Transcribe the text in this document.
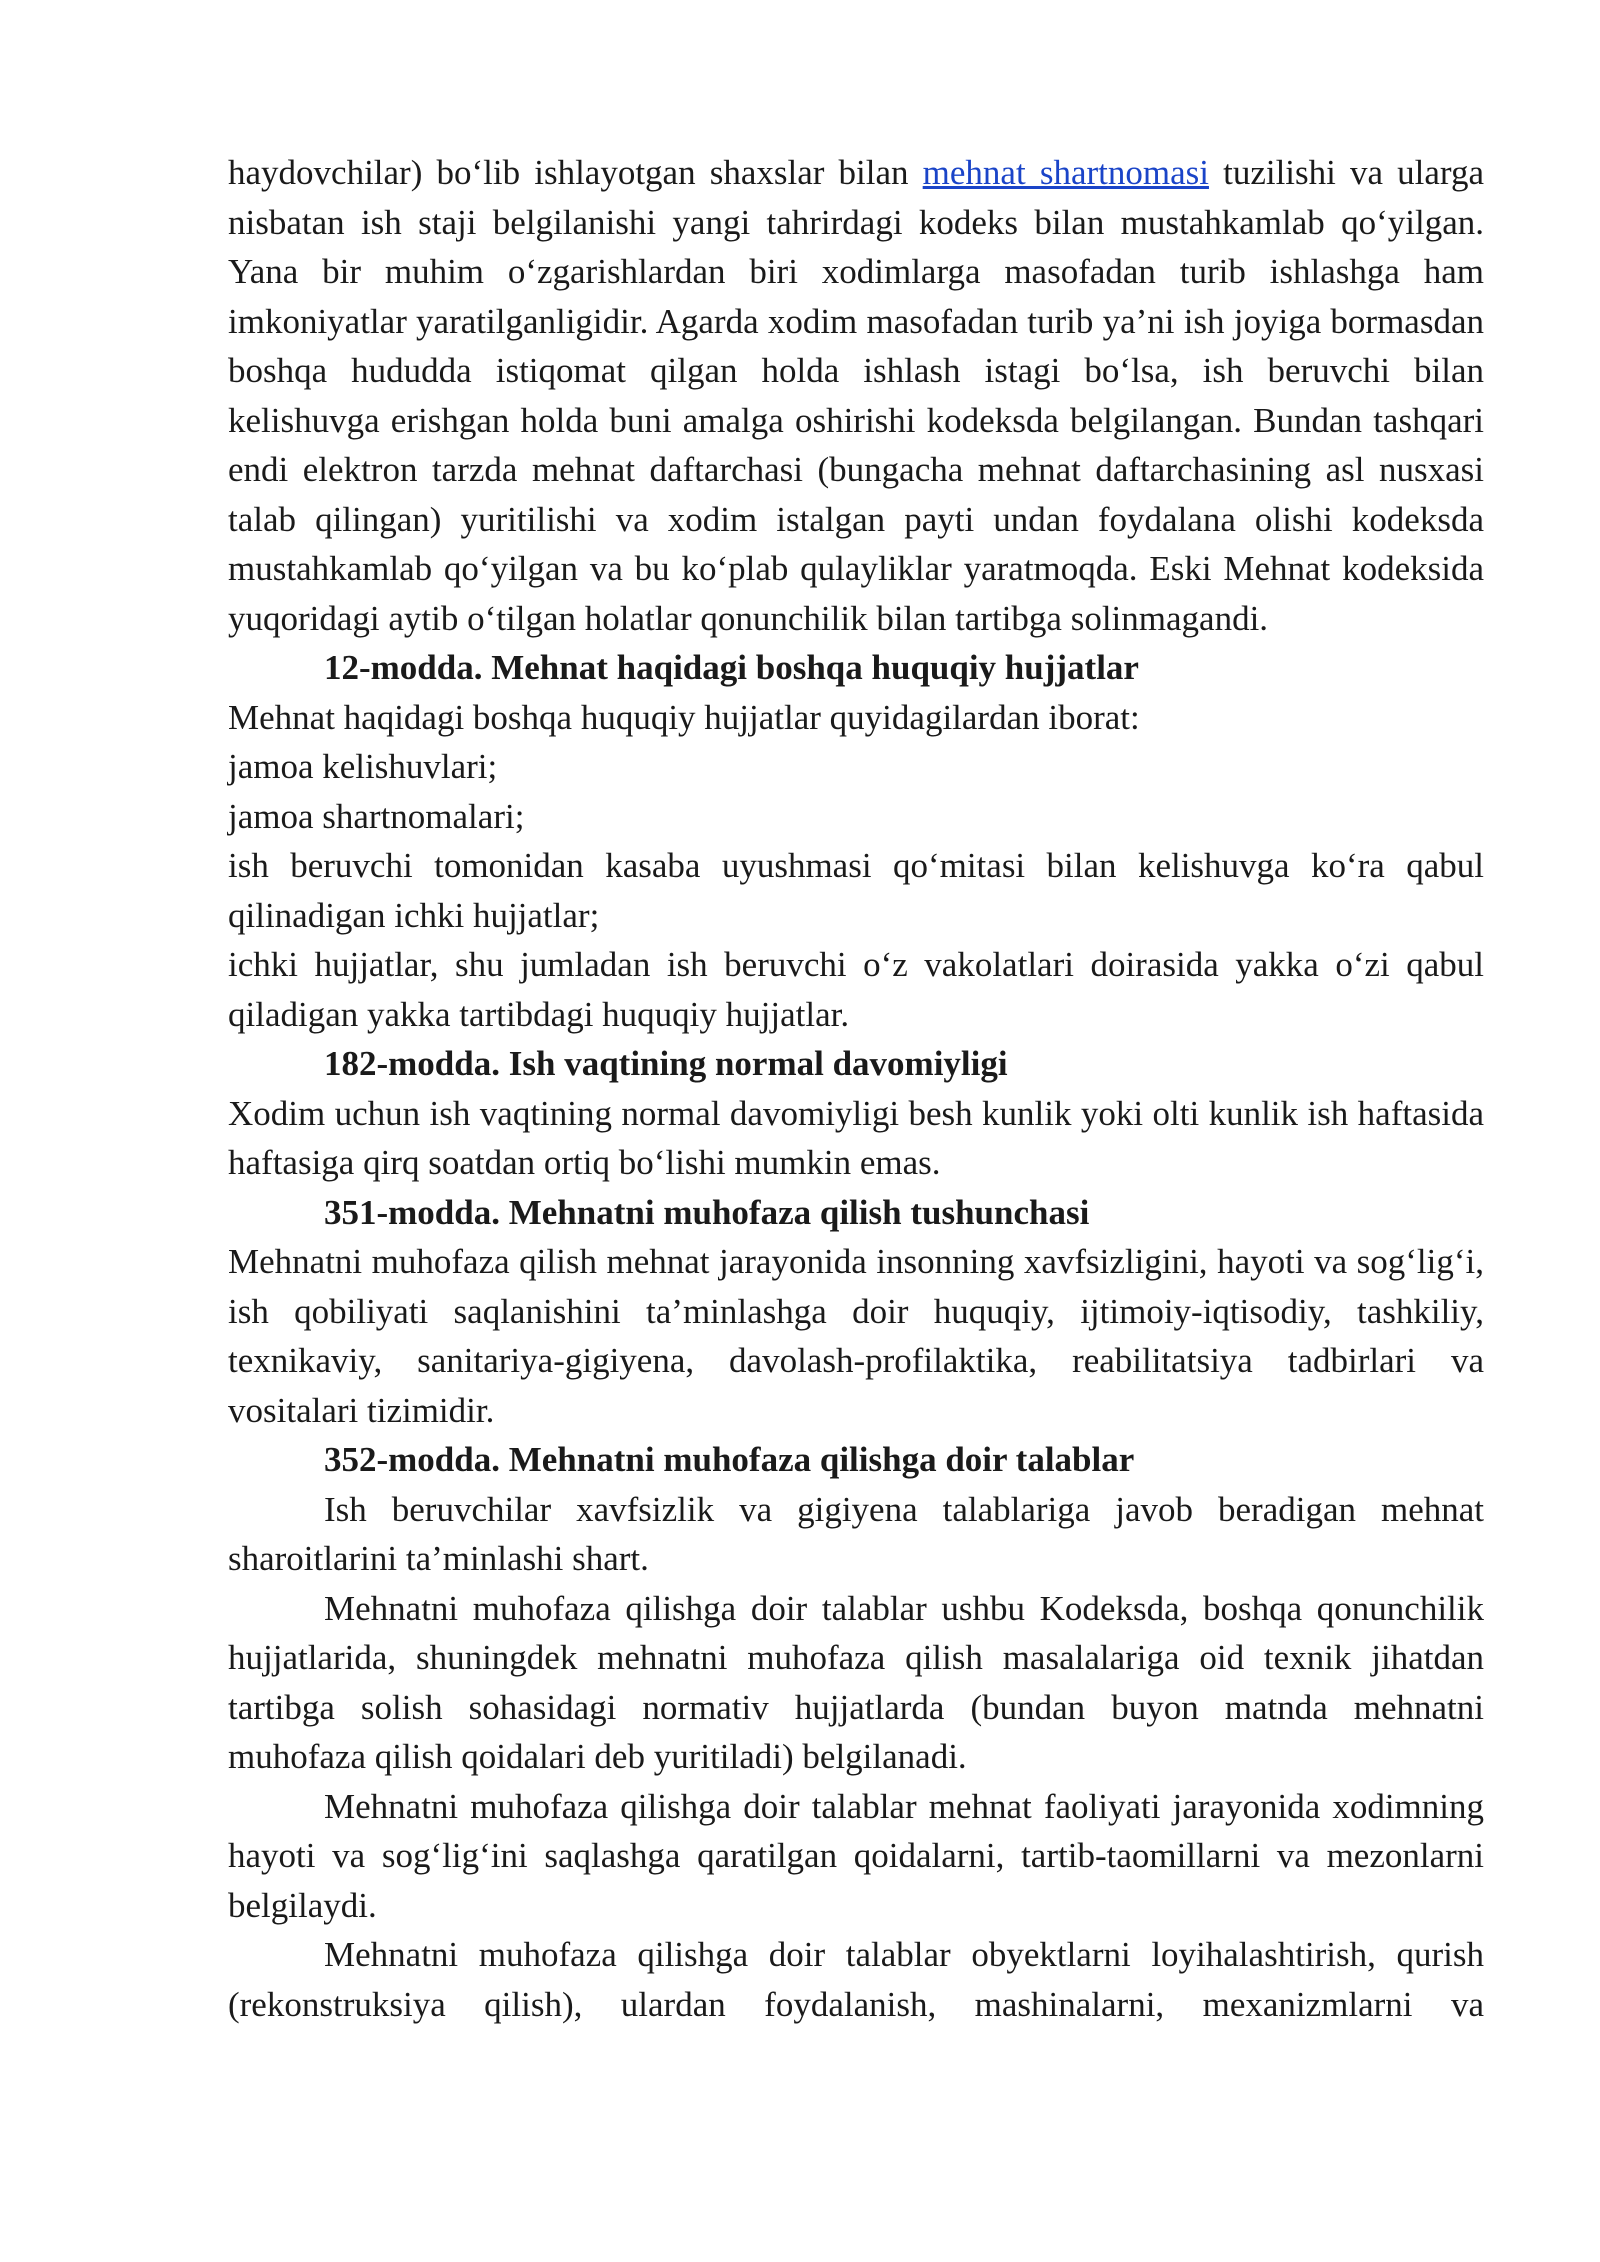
haydovchilar) bo‘lib ishlayotgan shaxslar bilan mehnat shartnomasi tuzilishi va ularga nisbatan ish staji belgilanishi yangi tahrirdagi kodeks bilan mustahkamlab qo‘yilgan. Yana bir muhim o‘zgarishlardan biri xodimlarga masofadan turib ishlashga ham imkoniyatlar yaratilganligidir. Agarda xodim masofadan turib ya’ni ish joyiga bormasdan boshqa hududda istiqomat qilgan holda ishlash istagi bo‘lsa, ish beruvchi bilan kelishuvga erishgan holda buni amalga oshirishi kodeksda belgilangan. Bundan tashqari endi elektron tarzda mehnat daftarchasi (bungacha mehnat daftarchasining asl nusxasi talab qilingan) yuritilishi va xodim istalgan payti undan foydalana olishi kodeksda mustahkamlab qo‘yilgan va bu ko‘plab qulayliklar yaratmoqda. Eski Mehnat kodeksida yuqoridagi aytib o‘tilgan holatlar qonunchilik bilan tartibga solinmagandi.

12-modda. Mehnat haqidagi boshqa huquqiy hujjatlar

Mehnat haqidagi boshqa huquqiy hujjatlar quyidagilardan iborat:

jamoa kelishuvlari;

jamoa shartnomalari;

ish beruvchi tomonidan kasaba uyushmasi qo‘mitasi bilan kelishuvga ko‘ra qabul qilinadigan ichki hujjatlar;

ichki hujjatlar, shu jumladan ish beruvchi o‘z vakolatlari doirasida yakka o‘zi qabul qiladigan yakka tartibdagi huquqiy hujjatlar.

182-modda. Ish vaqtining normal davomiyligi

Xodim uchun ish vaqtining normal davomiyligi besh kunlik yoki olti kunlik ish haftasida haftasiga qirq soatdan ortiq bo‘lishi mumkin emas.

351-modda. Mehnatni muhofaza qilish tushunchasi

Mehnatni muhofaza qilish mehnat jarayonida insonning xavfsizligini, hayoti va sog‘lig‘i, ish qobiliyati saqlanishini ta’minlashga doir huquqiy, ijtimoiy-iqtisodiy, tashkiliy, texnikaviy, sanitariya-gigiyena, davolash-profilaktika, reabilitatsiya tadbirlari va vositalari tizimidir.

352-modda. Mehnatni muhofaza qilishga doir talablar

Ish beruvchilar xavfsizlik va gigiyena talablariga javob beradigan mehnat sharoitlarini ta’minlashi shart.

Mehnatni muhofaza qilishga doir talablar ushbu Kodeksda, boshqa qonunchilik hujjatlarida, shuningdek mehnatni muhofaza qilish masalalariga oid texnik jihatdan tartibga solish sohasidagi normativ hujjatlarda (bundan buyon matnda mehnatni muhofaza qilish qoidalari deb yuritiladi) belgilanadi.

Mehnatni muhofaza qilishga doir talablar mehnat faoliyati jarayonida xodimning hayoti va sog‘lig‘ini saqlashga qaratilgan qoidalarni, tartib-taomillarni va mezonlarni belgilaydi.

Mehnatni muhofaza qilishga doir talablar obyektlarni loyihalashtirish, qurish (rekonstruksiya qilish), ulardan foydalanish, mashinalarni, mexanizmlarni va
